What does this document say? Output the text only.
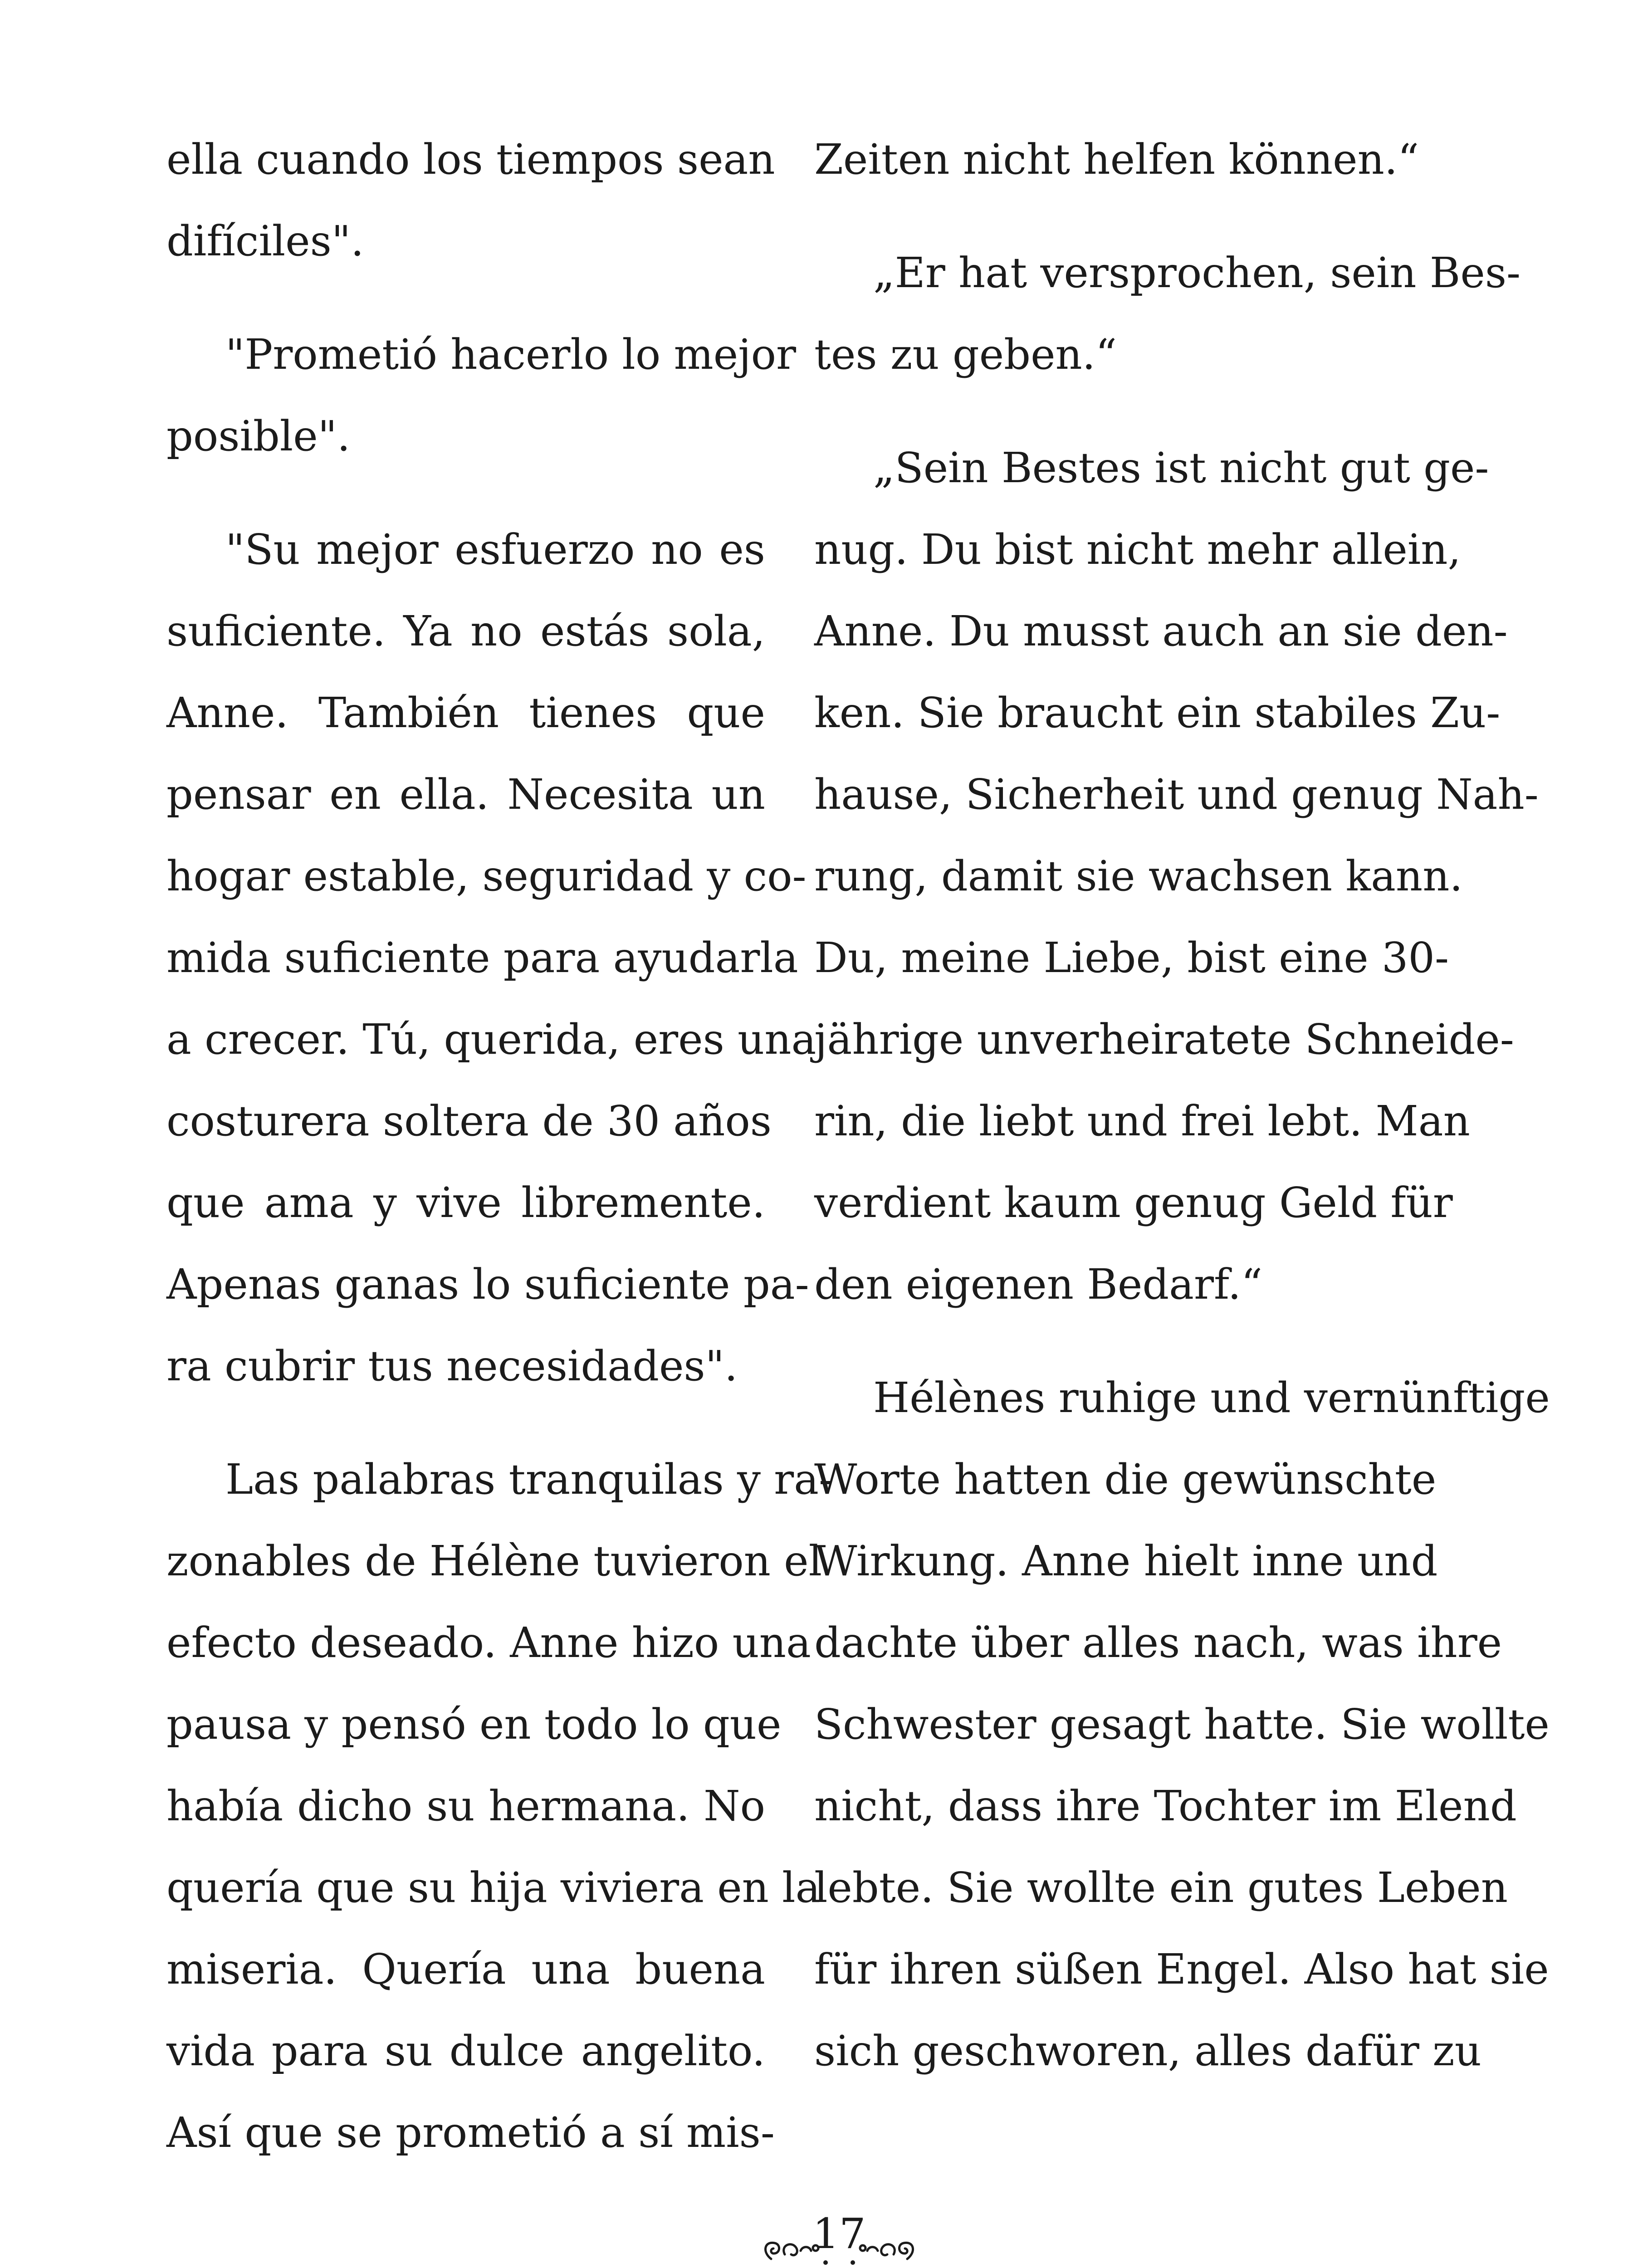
ella cuando los tiempos sean
difíciles".
"Prometió hacerlo lo mejor
posible".
"Su mejor esfuerzo no es
suficiente. Ya no estás sola,
Anne. También tienes que
pensar en ella. Necesita un
hogar estable, seguridad y co-
mida suficiente para ayudarla
a crecer. Tú, querida, eres una
costurera soltera de 30 años
que ama y vive libremente.
Apenas ganas lo suficiente pa-
ra cubrir tus necesidades".
Las palabras tranquilas y ra-
zonables de Hélène tuvieron el
efecto deseado. Anne hizo una
pausa y pensó en todo lo que
había dicho su hermana. No
quería que su hija viviera en la
miseria. Quería una buena
vida para su dulce angelito.
Así que se prometió a sí mis-
Zeiten nicht helfen können.“
„Er hat versprochen, sein Bes-
tes zu geben.“
„Sein Bestes ist nicht gut ge-
nug. Du bist nicht mehr allein,
Anne. Du musst auch an sie den-
ken. Sie braucht ein stabiles Zu-
hause, Sicherheit und genug Nah-
rung, damit sie wachsen kann.
Du, meine Liebe, bist eine 30-
jährige unverheiratete Schneide-
rin, die liebt und frei lebt. Man
verdient kaum genug Geld für
den eigenen Bedarf.“
Hélènes ruhige und vernünftige
Worte hatten die gewünschte
Wirkung. Anne hielt inne und
dachte über alles nach, was ihre
Schwester gesagt hatte. Sie wollte
nicht, dass ihre Tochter im Elend
lebte. Sie wollte ein gutes Leben
für ihren süßen Engel. Also hat sie
sich geschworen, alles dafür zu
17
